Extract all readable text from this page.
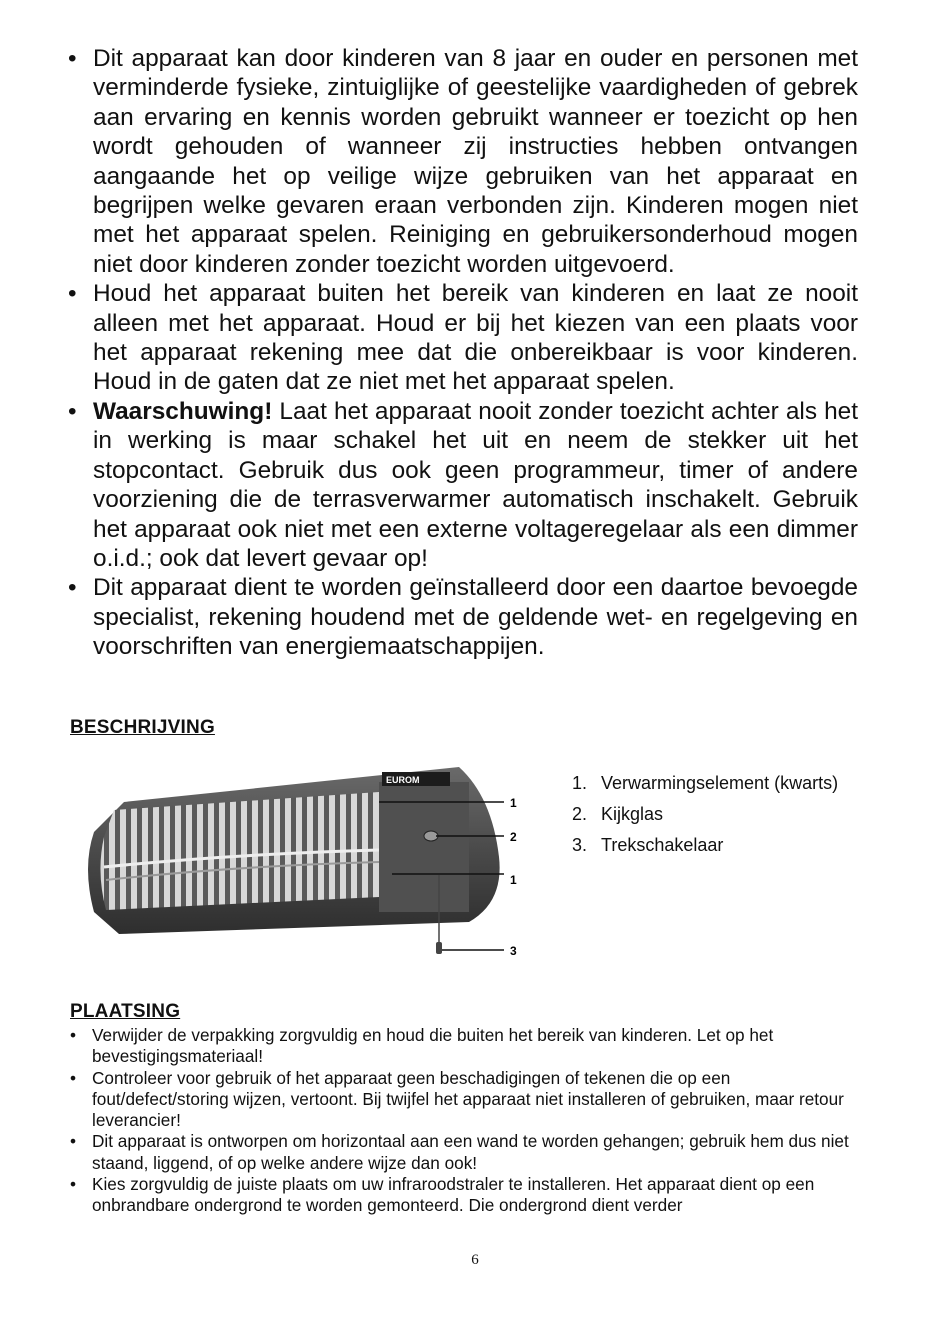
• Dit apparaat kan door kinderen van 8 jaar en ouder en personen met verminderde fysieke, zintuiglijke of geestelijke vaardigheden of gebrek aan ervaring en kennis worden gebruikt wanneer er toezicht op hen wordt gehouden of wanneer zij instructies hebben ontvangen aangaande het op veilige wijze gebruiken van het apparaat en begrijpen welke gevaren eraan verbonden zijn. Kinderen mogen niet met het apparaat spelen. Reiniging en gebruikersonderhoud mogen niet door kinderen zonder toezicht worden uitgevoerd.
• Houd het apparaat buiten het bereik van kinderen en laat ze nooit alleen met het apparaat. Houd er bij het kiezen van een plaats voor het apparaat rekening mee dat die onbereikbaar is voor kinderen. Houd in de gaten dat ze niet met het apparaat spelen.
• Waarschuwing! Laat het apparaat nooit zonder toezicht achter als het in werking is maar schakel het uit en neem de stekker uit het stopcontact. Gebruik dus ook geen programmeur, timer of andere voorziening die de terrasverwarmer automatisch inschakelt. Gebruik het apparaat ook niet met een externe voltageregelaar als een dimmer o.i.d.; ook dat levert gevaar op!
• Dit apparaat dient te worden geïnstalleerd door een daartoe bevoegde specialist, rekening houdend met de geldende wet- en regelgeving en voorschriften van energiemaatschappijen.
BESCHRIJVING
EUROM
1
2
1
3
1. Verwarmingselement (kwarts)
2. Kijkglas
3. Trekschakelaar
PLAATSING
• Verwijder de verpakking zorgvuldig en houd die buiten het bereik van kinderen. Let op het bevestigingsmateriaal!
• Controleer voor gebruik of het apparaat geen beschadigingen of tekenen die op een fout/defect/storing wijzen, vertoont. Bij twijfel het apparaat niet installeren of gebruiken, maar retour leverancier!
• Dit apparaat is ontworpen om horizontaal aan een wand te worden gehangen; gebruik hem dus niet staand, liggend, of op welke andere wijze dan ook!
• Kies zorgvuldig de juiste plaats om uw infraroodstraler te installeren. Het apparaat dient op een onbrandbare ondergrond te worden gemonteerd. Die ondergrond dient verder
6
